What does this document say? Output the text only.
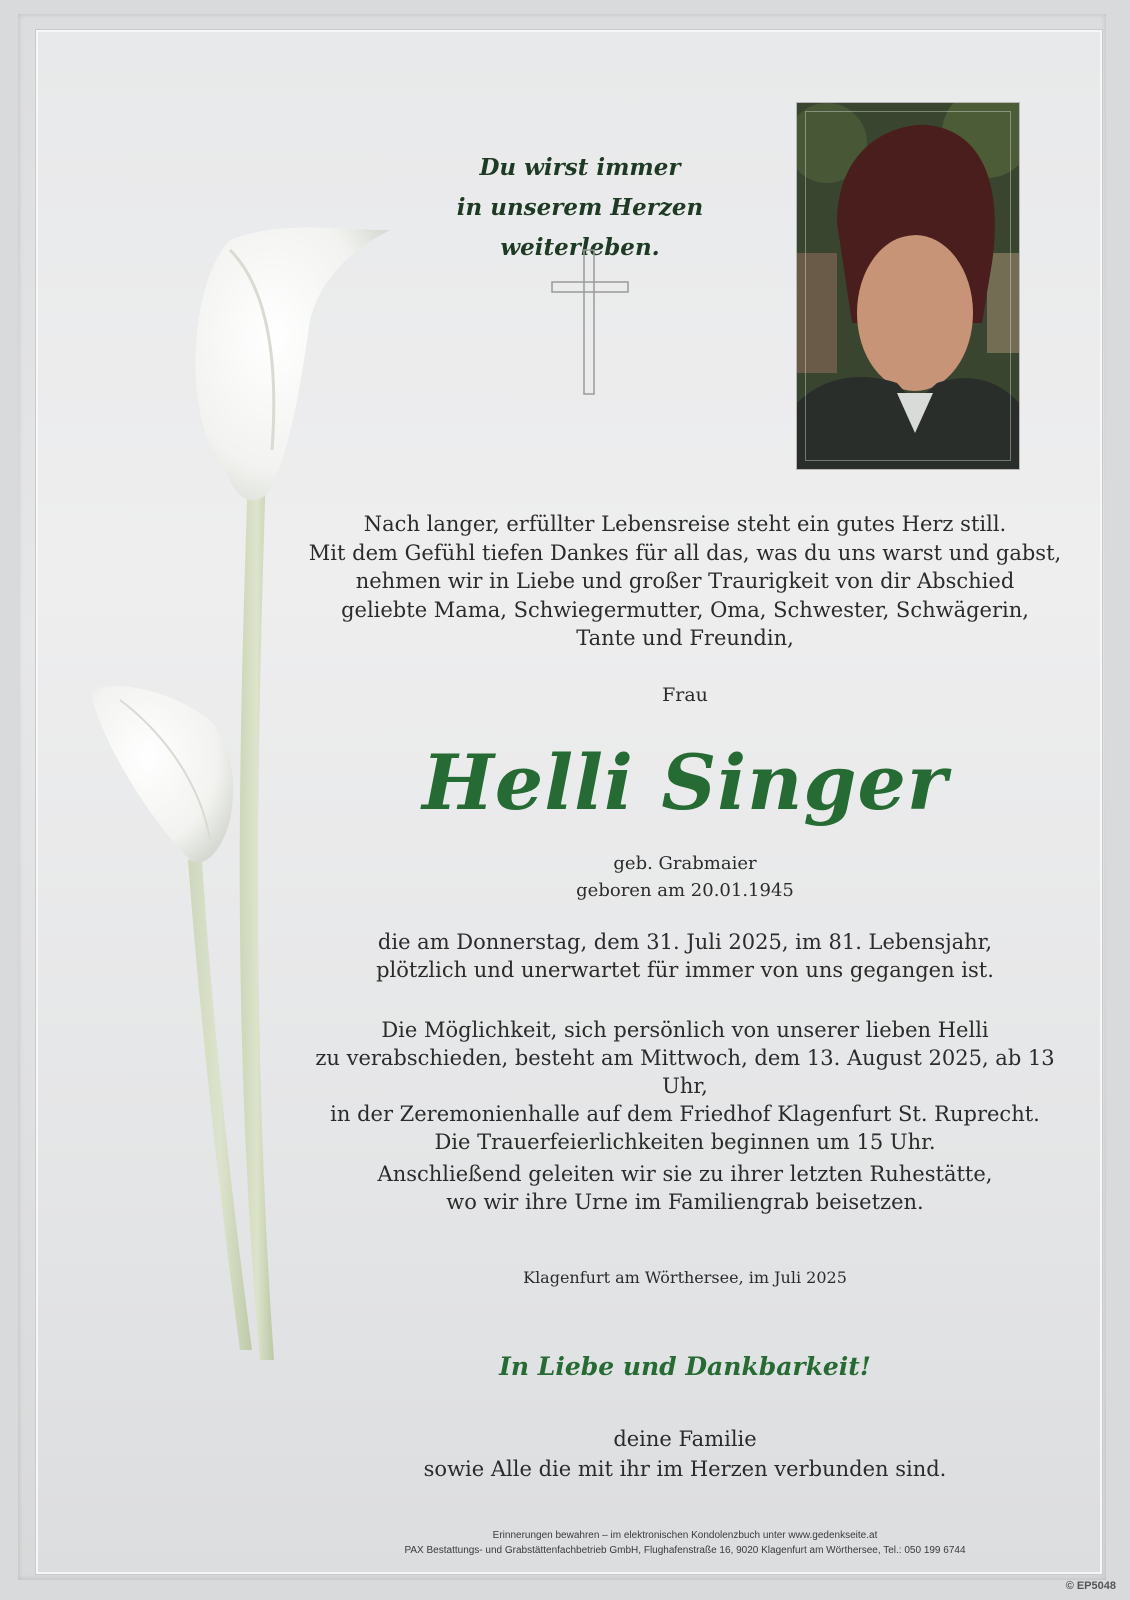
Du wirst immer
in unserem Herzen weiterleben.
Nach langer, erfüllter Lebensreise steht ein gutes Herz still.
Mit dem Gefühl tiefen Dankes für all das, was du uns warst und gabst,
nehmen wir in Liebe und großer Traurigkeit von dir Abschied
geliebte Mama, Schwiegermutter, Oma, Schwester, Schwägerin,
Tante und Freundin,
Frau
Helli Singer
geb. Grabmaier
geboren am 20.01.1945
die am Donnerstag, dem 31. Juli 2025, im 81. Lebensjahr,
plötzlich und unerwartet für immer von uns gegangen ist.
Die Möglichkeit, sich persönlich von unserer lieben Helli
zu verabschieden, besteht am Mittwoch, dem 13. August 2025, ab 13 Uhr,
in der Zeremonienhalle auf dem Friedhof Klagenfurt St. Ruprecht.
Die Trauerfeierlichkeiten beginnen um 15 Uhr.
Anschließend geleiten wir sie zu ihrer letzten Ruhestätte,
wo wir ihre Urne im Familiengrab beisetzen.
Klagenfurt am Wörthersee, im Juli 2025
In Liebe und Dankbarkeit!
deine Familie
sowie Alle die mit ihr im Herzen verbunden sind.
Erinnerungen bewahren – im elektronischen Kondolenzbuch unter www.gedenkseite.at
PAX Bestattungs- und Grabstättenfachbetrieb GmbH, Flughafenstraße 16, 9020 Klagenfurt am Wörthersee, Tel.: 050 199 6744
© EP5048
